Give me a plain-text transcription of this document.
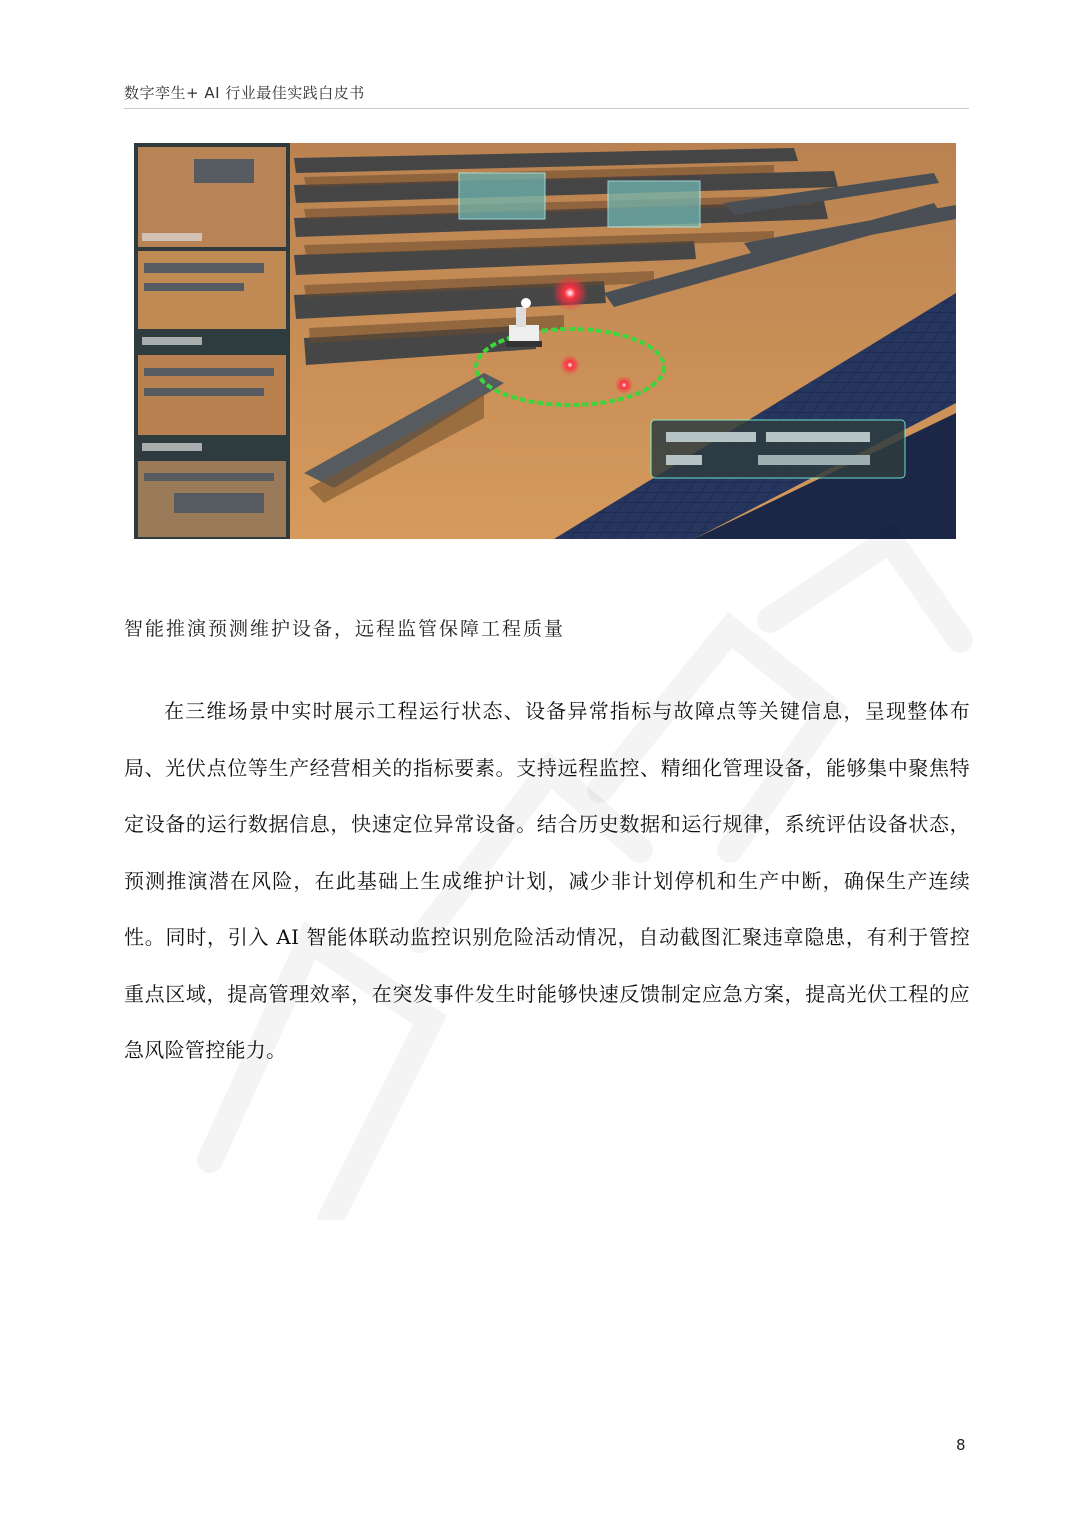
数字孪生+ AI 行业最佳实践白皮书
智能推演预测维护设备，远程监管保障工程质量
在三维场景中实时展示工程运行状态、设备异常指标与故障点等关键信息，呈现整体布局、光伏点位等生产经营相关的指标要素。支持远程监控、精细化管理设备，能够集中聚焦特定设备的运行数据信息，快速定位异常设备。结合历史数据和运行规律，系统评估设备状态，预测推演潜在风险，在此基础上生成维护计划，减少非计划停机和生产中断，确保生产连续性。同时，引入 AI 智能体联动监控识别危险活动情况，自动截图汇聚违章隐患，有利于管控重点区域，提高管理效率，在突发事件发生时能够快速反馈制定应急方案，提高光伏工程的应急风险管控能力。
8
